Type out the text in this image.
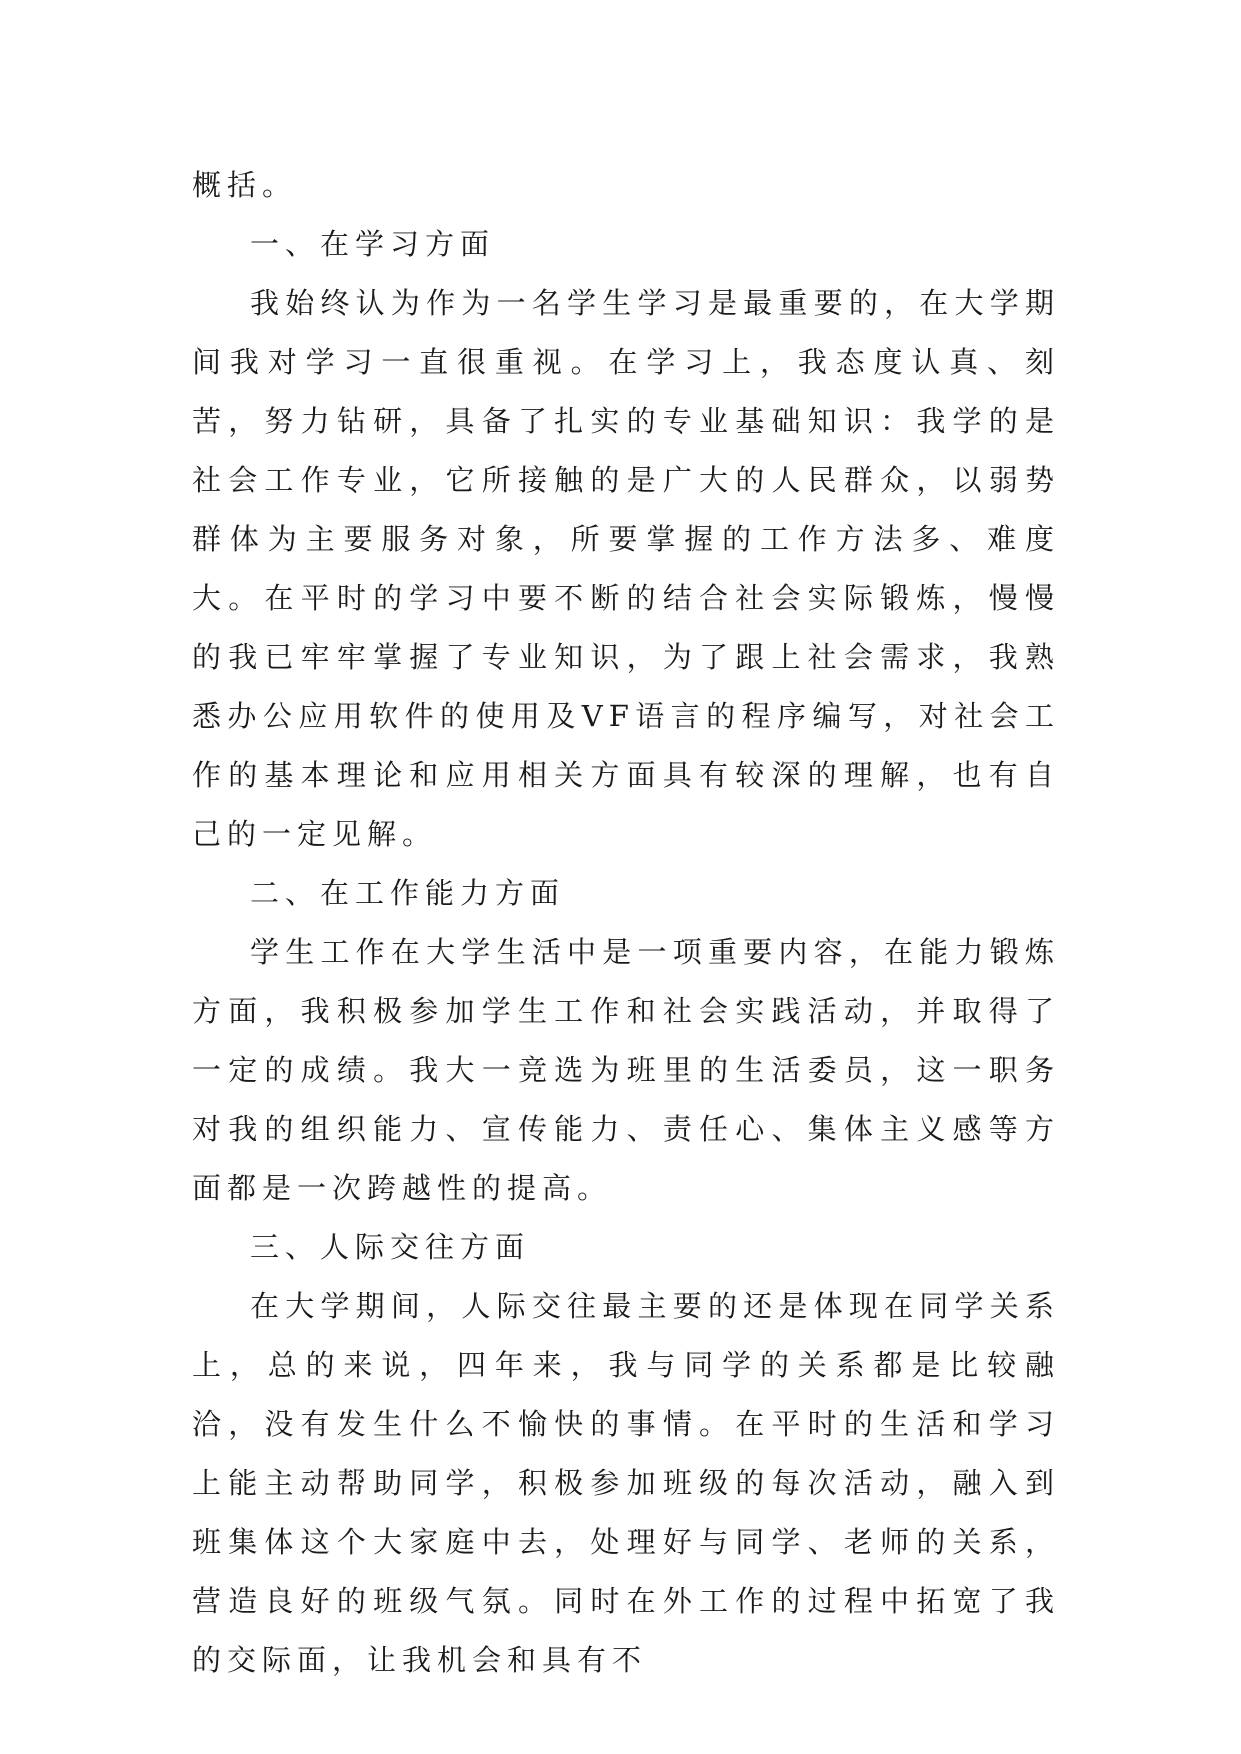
概括。

一、在学习方面

我始终认为作为一名学生学习是最重要的，在大学期间我对学习一直很重视。在学习上，我态度认真、刻苦，努力钻研，具备了扎实的专业基础知识：我学的是社会工作专业，它所接触的是广大的人民群众，以弱势群体为主要服务对象，所要掌握的工作方法多、难度大。在平时的学习中要不断的结合社会实际锻炼，慢慢的我已牢牢掌握了专业知识，为了跟上社会需求，我熟悉办公应用软件的使用及VF语言的程序编写，对社会工作的基本理论和应用相关方面具有较深的理解，也有自己的一定见解。

二、在工作能力方面

学生工作在大学生活中是一项重要内容，在能力锻炼方面，我积极参加学生工作和社会实践活动，并取得了一定的成绩。我大一竞选为班里的生活委员，这一职务对我的组织能力、宣传能力、责任心、集体主义感等方面都是一次跨越性的提高。

三、人际交往方面

在大学期间，人际交往最主要的还是体现在同学关系上，总的来说，四年来，我与同学的关系都是比较融洽，没有发生什么不愉快的事情。在平时的生活和学习上能主动帮助同学，积极参加班级的每次活动，融入到班集体这个大家庭中去，处理好与同学、老师的关系，营造良好的班级气氛。同时在外工作的过程中拓宽了我的交际面，让我机会和具有不
